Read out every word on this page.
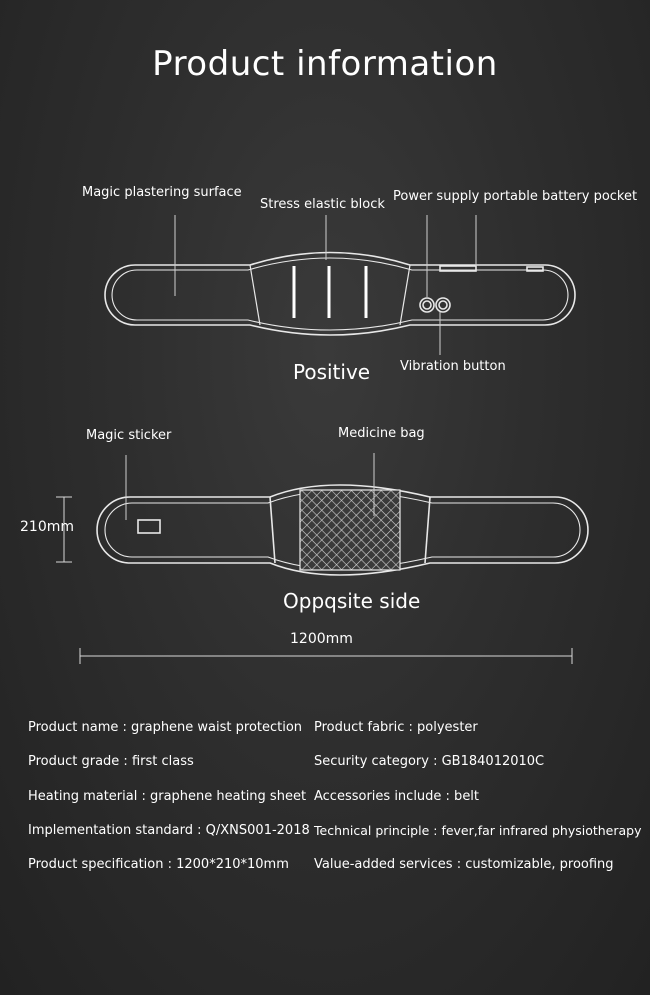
Product information
Magic plastering surface
Stress elastic block
Power supply portable battery pocket
Positive Vibration button
Magic sticker	Medicine bag
210mm
Oppqsite side
1200mm
Product name : graphene waist protection
Product grade : first class
Heating material : graphene heating sheet
Implementation standard : Q/XNS001-2018
Product specification : 1200*210*10mm
Product fabric : polyester
Security category : GB184012010C
Accessories include : belt
Technical principle : fever,far infrared physiotherapy
Value-added services : customizable, proofing
